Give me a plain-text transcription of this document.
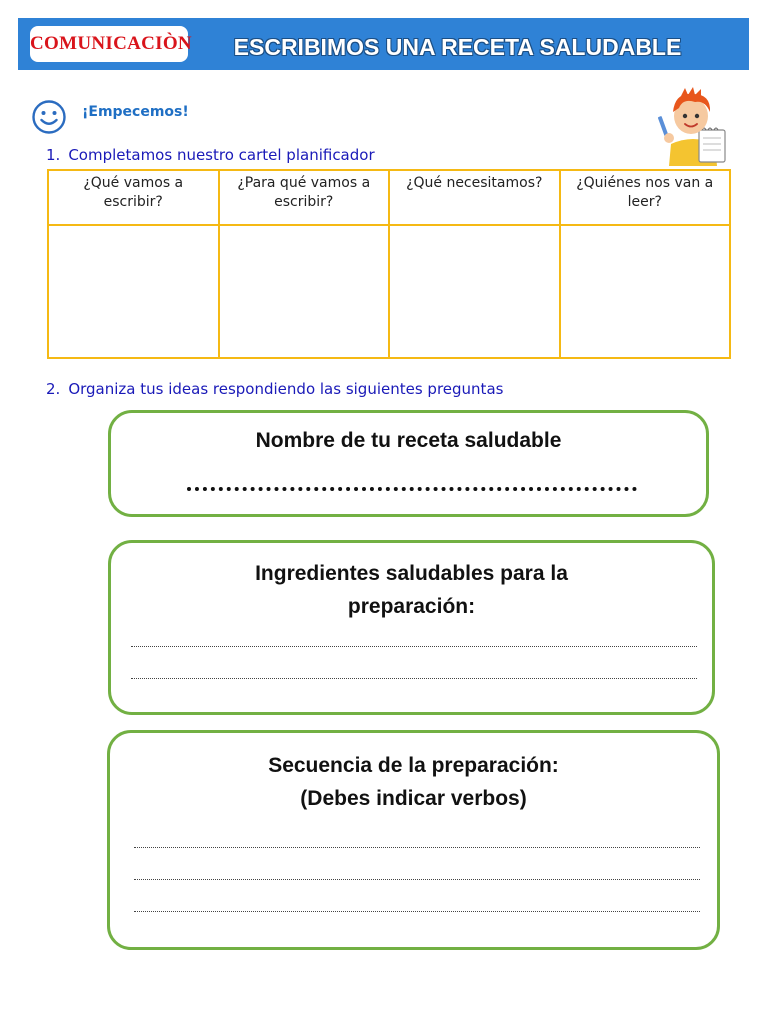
COMUNICACIÒN	ESCRIBIMOS UNA RECETA SALUDABLE
¡Empecemos!
1. Completamos nuestro cartel planificador
¿Qué vamos a escribir?	¿Para qué vamos a escribir?	¿Qué necesitamos?	¿Quiénes nos van a leer?

2. Organiza tus ideas respondiendo las siguientes preguntas
Nombre de tu receta saludable
Ingredientes saludables para la
preparación:
Secuencia de la preparación:
(Debes indicar verbos)
